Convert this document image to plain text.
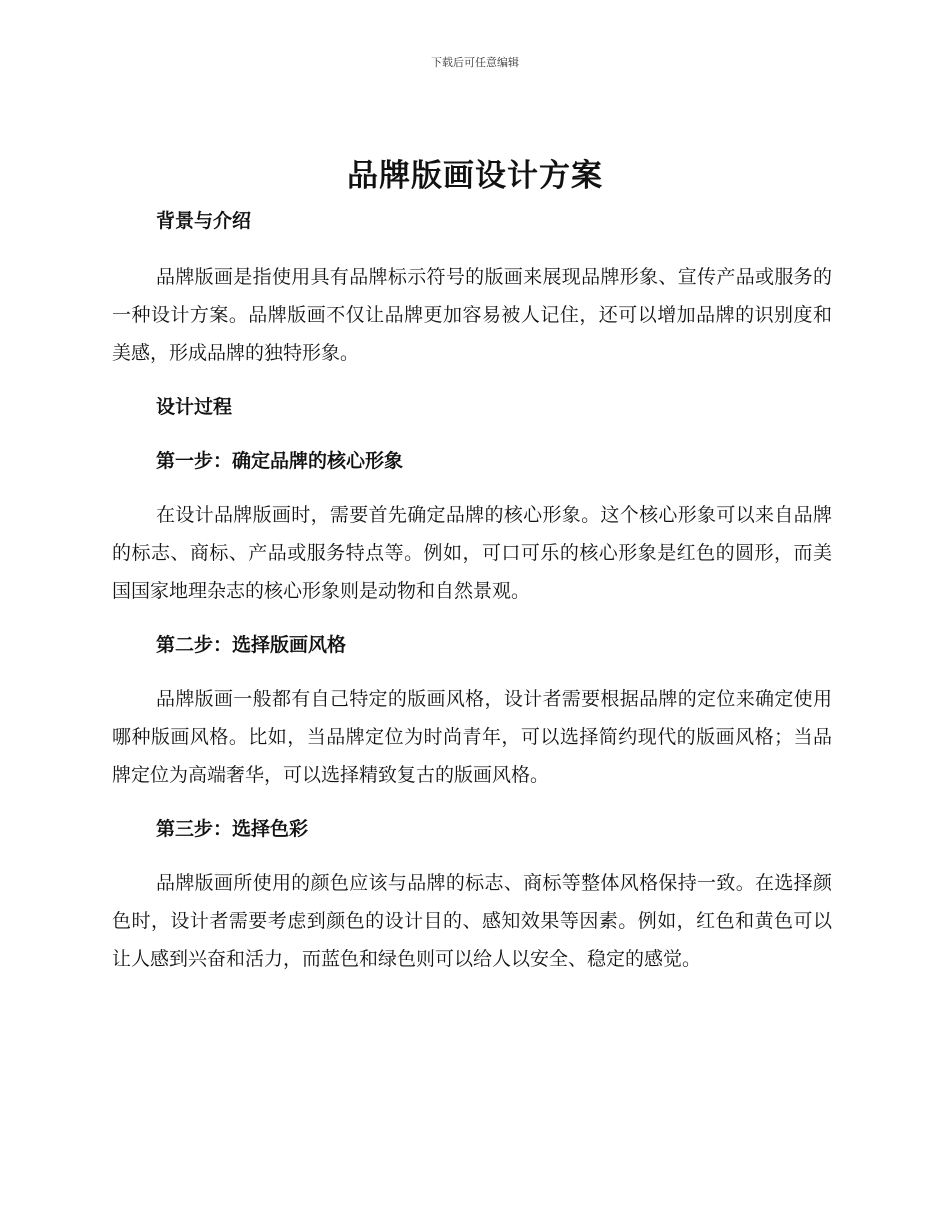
下载后可任意编辑
品牌版画设计方案

背景与介绍

品牌版画是指使用具有品牌标示符号的版画来展现品牌形象、宣传产品或服务的一种设计方案。品牌版画不仅让品牌更加容易被人记住，还可以增加品牌的识别度和美感，形成品牌的独特形象。

设计过程

第一步：确定品牌的核心形象

在设计品牌版画时，需要首先确定品牌的核心形象。这个核心形象可以来自品牌的标志、商标、产品或服务特点等。例如，可口可乐的核心形象是红色的圆形，而美国国家地理杂志的核心形象则是动物和自然景观。

第二步：选择版画风格

品牌版画一般都有自己特定的版画风格，设计者需要根据品牌的定位来确定使用哪种版画风格。比如，当品牌定位为时尚青年，可以选择简约现代的版画风格；当品牌定位为高端奢华，可以选择精致复古的版画风格。

第三步：选择色彩

品牌版画所使用的颜色应该与品牌的标志、商标等整体风格保持一致。在选择颜色时，设计者需要考虑到颜色的设计目的、感知效果等因素。例如，红色和黄色可以让人感到兴奋和活力，而蓝色和绿色则可以给人以安全、稳定的感觉。
